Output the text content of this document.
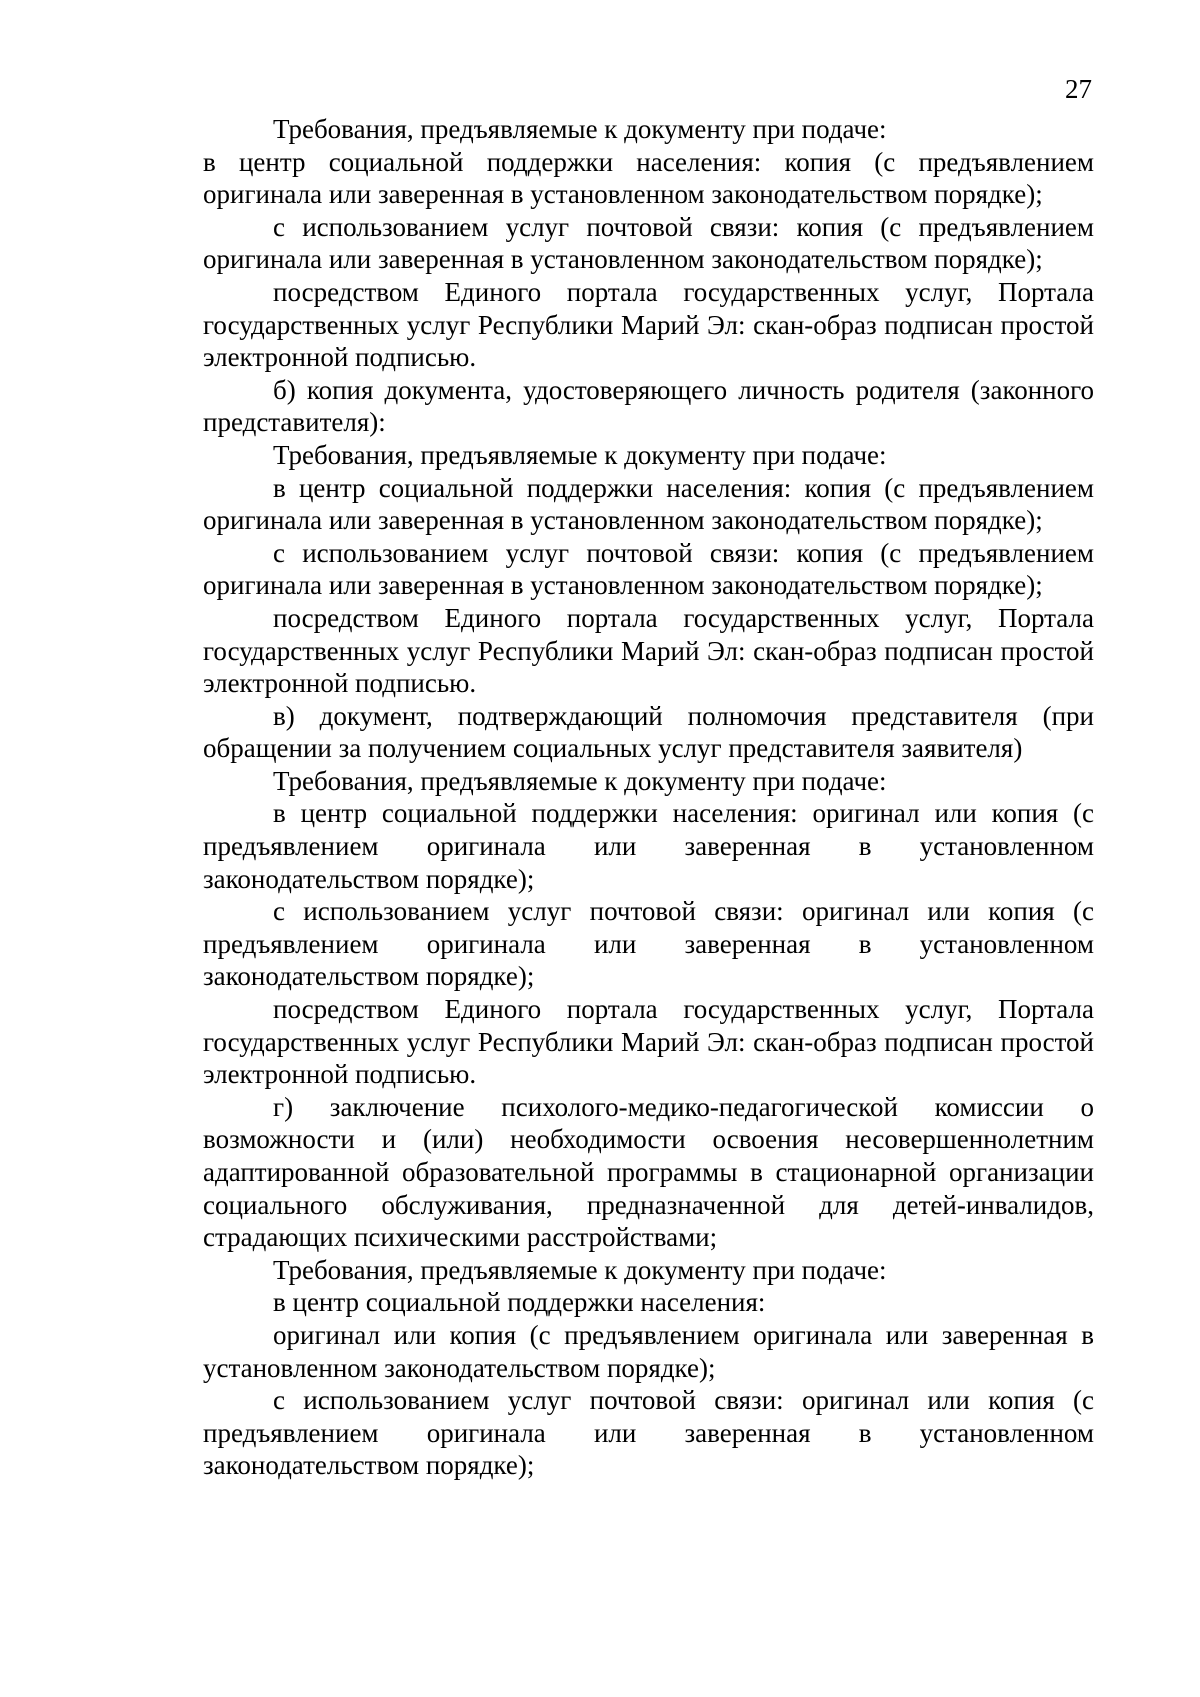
27

Требования, предъявляемые к документу при подаче:

в центр социальной поддержки населения: копия (с предъявлением оригинала или заверенная в установленном законодательством порядке);

с использованием услуг почтовой связи: копия (с предъявлением оригинала или заверенная в установленном законодательством порядке);

посредством Единого портала государственных услуг, Портала государственных услуг Республики Марий Эл: скан-образ подписан простой электронной подписью.

б) копия документа, удостоверяющего личность родителя (законного представителя):

Требования, предъявляемые к документу при подаче:

в центр социальной поддержки населения: копия (с предъявлением оригинала или заверенная в установленном законодательством порядке);

с использованием услуг почтовой связи: копия (с предъявлением оригинала или заверенная в установленном законодательством порядке);

посредством Единого портала государственных услуг, Портала государственных услуг Республики Марий Эл: скан-образ подписан простой электронной подписью.

в) документ, подтверждающий полномочия представителя (при обращении за получением социальных услуг представителя заявителя)

Требования, предъявляемые к документу при подаче:

в центр социальной поддержки населения: оригинал или копия (с предъявлением оригинала или заверенная в установленном законодательством порядке);

с использованием услуг почтовой связи: оригинал или копия (с предъявлением оригинала или заверенная в установленном законодательством порядке);

посредством Единого портала государственных услуг, Портала государственных услуг Республики Марий Эл: скан-образ подписан простой электронной подписью.

г) заключение психолого-медико-педагогической комиссии о возможности и (или) необходимости освоения несовершеннолетним адаптированной образовательной программы в стационарной организации социального обслуживания, предназначенной для детей-инвалидов, страдающих психическими расстройствами;

Требования, предъявляемые к документу при подаче:

в центр социальной поддержки населения:

оригинал или копия (с предъявлением оригинала или заверенная в установленном законодательством порядке);

с использованием услуг почтовой связи: оригинал или копия (с предъявлением оригинала или заверенная в установленном законодательством порядке);
